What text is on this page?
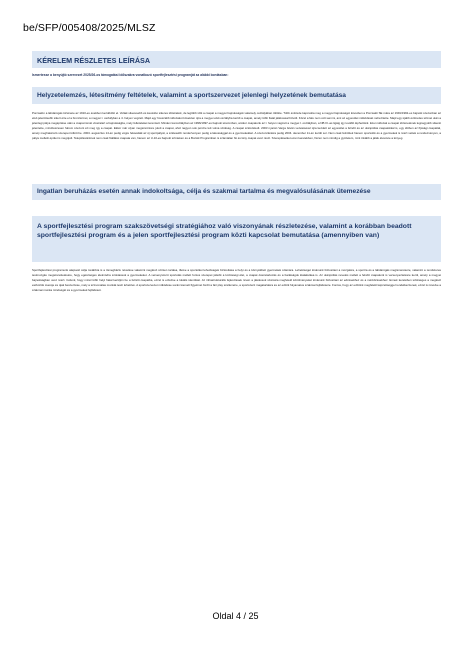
be/SFP/005408/2025/MLSZ
KÉRELEM RÉSZLETES LEÍRÁSA
Ismertesse a benyújtó szervezet 2025/26-os támogatási időszakra vonatkozó sportfejlesztési programját az alábbi bontásban:
Helyzetelemzés, létesítmény feltételek, valamint a sportszervezet jelenlegi helyzetének bemutatása
Porcsalón a labdarúgás története az 1910-es években kezdődött el. Voltak sikeresebb és kevésbé sikeres időszakok, de legtöbb időt a csapat a megyei bajnokságok valamely osztályában töltötte. Több évtizede kapcsolta meg a megyei bajnokságot követően a Porcsalói SE mára az 1991/1992-es bajnoki szezonban az első jelentősebb sikert érte el a bronzérmet, a megyei I. osztályban a 4. helyen végzett. Majd egy hosszabb időszakot követően újra a megyei első osztályba került a csapat, amely több fiatal játékossal bővült. Közel a falu nem volt semmi, ami az egyesület működését nehezítette. Majd egy újabb évtizedes szünet után a jelenlegi pálya megépítése után a csapat ismét visszatért a bajnokságba, mely feltételeket teremtett. Minden korosztályban az 1996/1997-es bajnoki szezonban, amikor csapatunk az I. helyen végzett a megyei I. osztályban, a NB III.-as ligáig így tovább léphettünk. Ezen időszak a csapat történetének legnagyobb sikerét jelentette, mindösszesen három szezont ért meg így a csapat. Ekkor már olyan megszerzésre jutott a csapat, ahol nagyon sok pénzre lett volna szükség. A csapat szétszéledt. 2003 nyarán Varga István vezetésével újra kezdett az egyesület a felnőtt és az utánpótlás csapatokkal is, egy időben az ifjúsági csapattal, amely meghatározó szerepet töltött be. 2004. augusztus 14-én pedig végre felavatták az új sportpályát, a szélesebb rendezvényen pedig a lakossággal és a gyermekekkel. A szezonzárásra pedig 2004. december 11-én került sor. Nem csak felnőttek hanem sportolók és a gyermekek is részt vettek a rendezvényen, a pálya melletti épület is megújult. Településünknek nem csak főállású csapata van, hanem az U-10-es bajnoki szinteken és a Bozsik Programban is számtalan fiú és lány csapat vesz részt. Szerepléseiket ezen keretekben, fiszen nem mindig a győzelem, mint inkább a játék élvezete a lényeg.
Ingatlan beruházás esetén annak indokoltsága, célja és szakmai tartalma és megvalósulásának ütemezése
A sportfejlesztési program szakszövetségi stratégiához való viszonyának részletezése, valamint a korábban beadott sportfejlesztési program és a jelen sportfejlesztési program közti kapcsolat bemutatása (amennyiben van)
Sportfejlesztési programunk alapvető célja továbbra is a tömegbázis növelése valamint meglévő szinten tartása, illetve a sportolási lehetőségek biztosítása a helyi és a környékbeli gyermekek számára. Lehetőséget kívánunk biztosítani a mozgásra, a sportra és a labdarúgás megismerésére, valamint a rendszeres testmozgás megszerettetésére, hogy egészséges életmódra szoktassuk a gyermekeket. A versenyszerű sportolás mellett fontos szerepet játszik a közösségi élet, a csapat összetartozás és a barátságok kialakulása is. Az utánpótlás nevelés mellett a felnőtt csapatunk is versenyeztetésre kerül, amely a megyei bajnokságban vesz részt. Célunk, hogy minél több helyi fiatal kerüljön be a felnőtt csapatba, ezzel is erősítve a lokális identitást. Az infrastrukturális fejlesztések révén a játékosok számára megfelelő körülményeket kívánunk biztosítani az edzésekhez és a mérkőzésekhez. Ennek keretében szükséges a meglévő eszközök cseréje és újak beszerzése, mely a színvonalas munkát teszi lehetővé. A sportszervezet működése során kiemelt figyelmet fordít a fair play szellemére, a sportszerű magatartásra és az edzők folyamatos szakmai fejlődésére. Fontos, hogy az edzőink megfelelő képzettséggel rendelkezzenek, ezzel is növelve a szakmai munka minőségét és a gyermekek fejlődését.
Oldal 4 / 25
